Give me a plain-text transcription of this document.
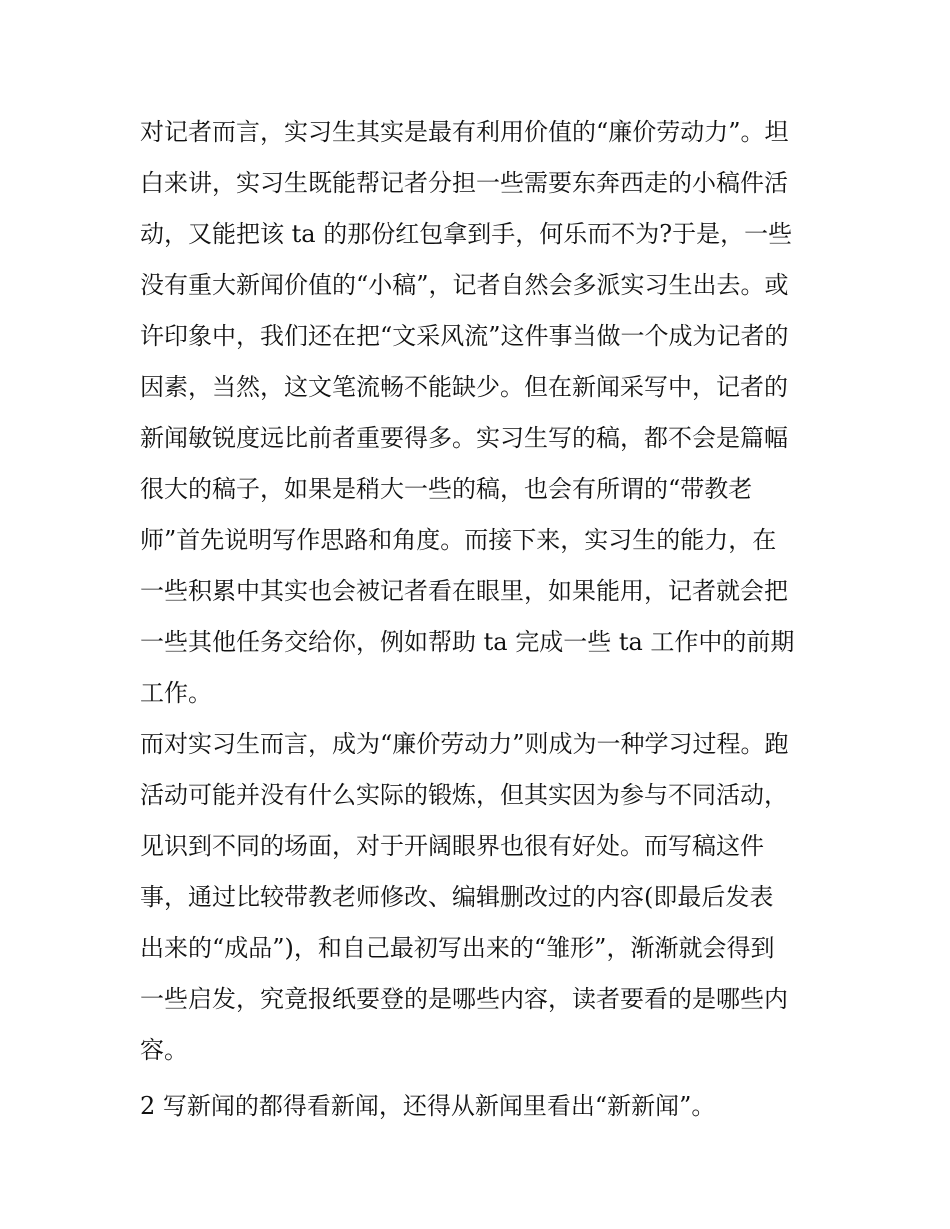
对记者而言，实习生其实是最有利用价值的“廉价劳动力”。坦
白来讲，实习生既能帮记者分担一些需要东奔西走的小稿件活
动，又能把该 ta 的那份红包拿到手，何乐而不为?于是，一些
没有重大新闻价值的“小稿”，记者自然会多派实习生出去。或
许印象中，我们还在把“文采风流”这件事当做一个成为记者的
因素，当然，这文笔流畅不能缺少。但在新闻采写中，记者的
新闻敏锐度远比前者重要得多。实习生写的稿，都不会是篇幅
很大的稿子，如果是稍大一些的稿，也会有所谓的“带教老
师”首先说明写作思路和角度。而接下来，实习生的能力，在
一些积累中其实也会被记者看在眼里，如果能用，记者就会把
一些其他任务交给你，例如帮助 ta 完成一些 ta 工作中的前期
工作。
而对实习生而言，成为“廉价劳动力”则成为一种学习过程。跑
活动可能并没有什么实际的锻炼，但其实因为参与不同活动，
见识到不同的场面，对于开阔眼界也很有好处。而写稿这件
事，通过比较带教老师修改、编辑删改过的内容(即最后发表
出来的“成品”)，和自己最初写出来的“雏形”，渐渐就会得到
一些启发，究竟报纸要登的是哪些内容，读者要看的是哪些内
容。
2 写新闻的都得看新闻，还得从新闻里看出“新新闻”。
